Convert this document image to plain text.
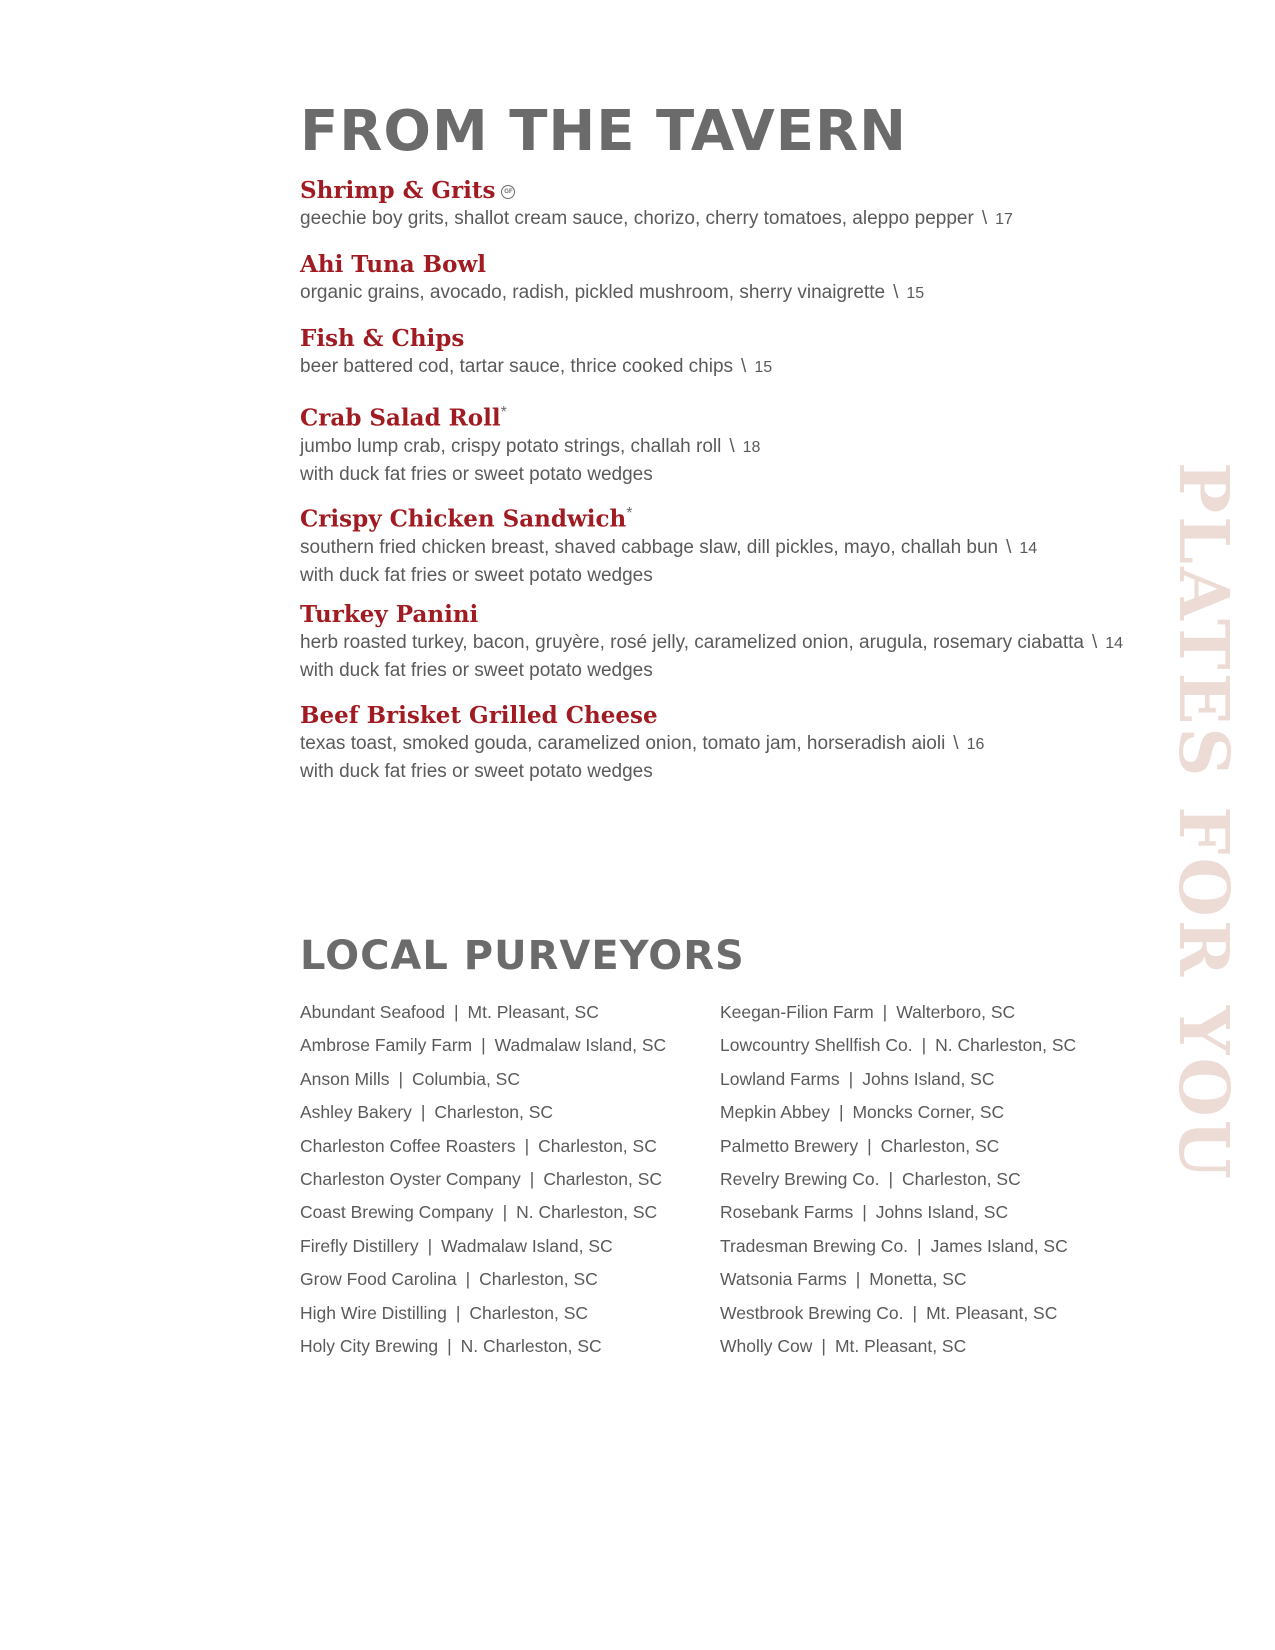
FROM THE TAVERN
Shrimp & Grits GF
geechie boy grits, shallot cream sauce, chorizo, cherry tomatoes, aleppo pepper \ 17
Ahi Tuna Bowl
organic grains, avocado, radish, pickled mushroom, sherry vinaigrette \ 15
Fish & Chips
beer battered cod, tartar sauce, thrice cooked chips \ 15
Crab Salad Roll*
jumbo lump crab, crispy potato strings, challah roll \ 18
with duck fat fries or sweet potato wedges
Crispy Chicken Sandwich*
southern fried chicken breast, shaved cabbage slaw, dill pickles, mayo, challah bun \ 14
with duck fat fries or sweet potato wedges
Turkey Panini
herb roasted turkey, bacon, gruyère, rosé jelly, caramelized onion, arugula, rosemary ciabatta \ 14
with duck fat fries or sweet potato wedges
Beef Brisket Grilled Cheese
texas toast, smoked gouda, caramelized onion, tomato jam, horseradish aioli \ 16
with duck fat fries or sweet potato wedges
LOCAL PURVEYORS
Abundant Seafood | Mt. Pleasant, SC
Ambrose Family Farm | Wadmalaw Island, SC
Anson Mills | Columbia, SC
Ashley Bakery | Charleston, SC
Charleston Coffee Roasters | Charleston, SC
Charleston Oyster Company | Charleston, SC
Coast Brewing Company | N. Charleston, SC
Firefly Distillery | Wadmalaw Island, SC
Grow Food Carolina | Charleston, SC
High Wire Distilling | Charleston, SC
Holy City Brewing | N. Charleston, SC
Keegan-Filion Farm | Walterboro, SC
Lowcountry Shellfish Co. | N. Charleston, SC
Lowland Farms | Johns Island, SC
Mepkin Abbey | Moncks Corner, SC
Palmetto Brewery | Charleston, SC
Revelry Brewing Co. | Charleston, SC
Rosebank Farms | Johns Island, SC
Tradesman Brewing Co. | James Island, SC
Watsonia Farms | Monetta, SC
Westbrook Brewing Co. | Mt. Pleasant, SC
Wholly Cow | Mt. Pleasant, SC
PLATES FOR YOU
